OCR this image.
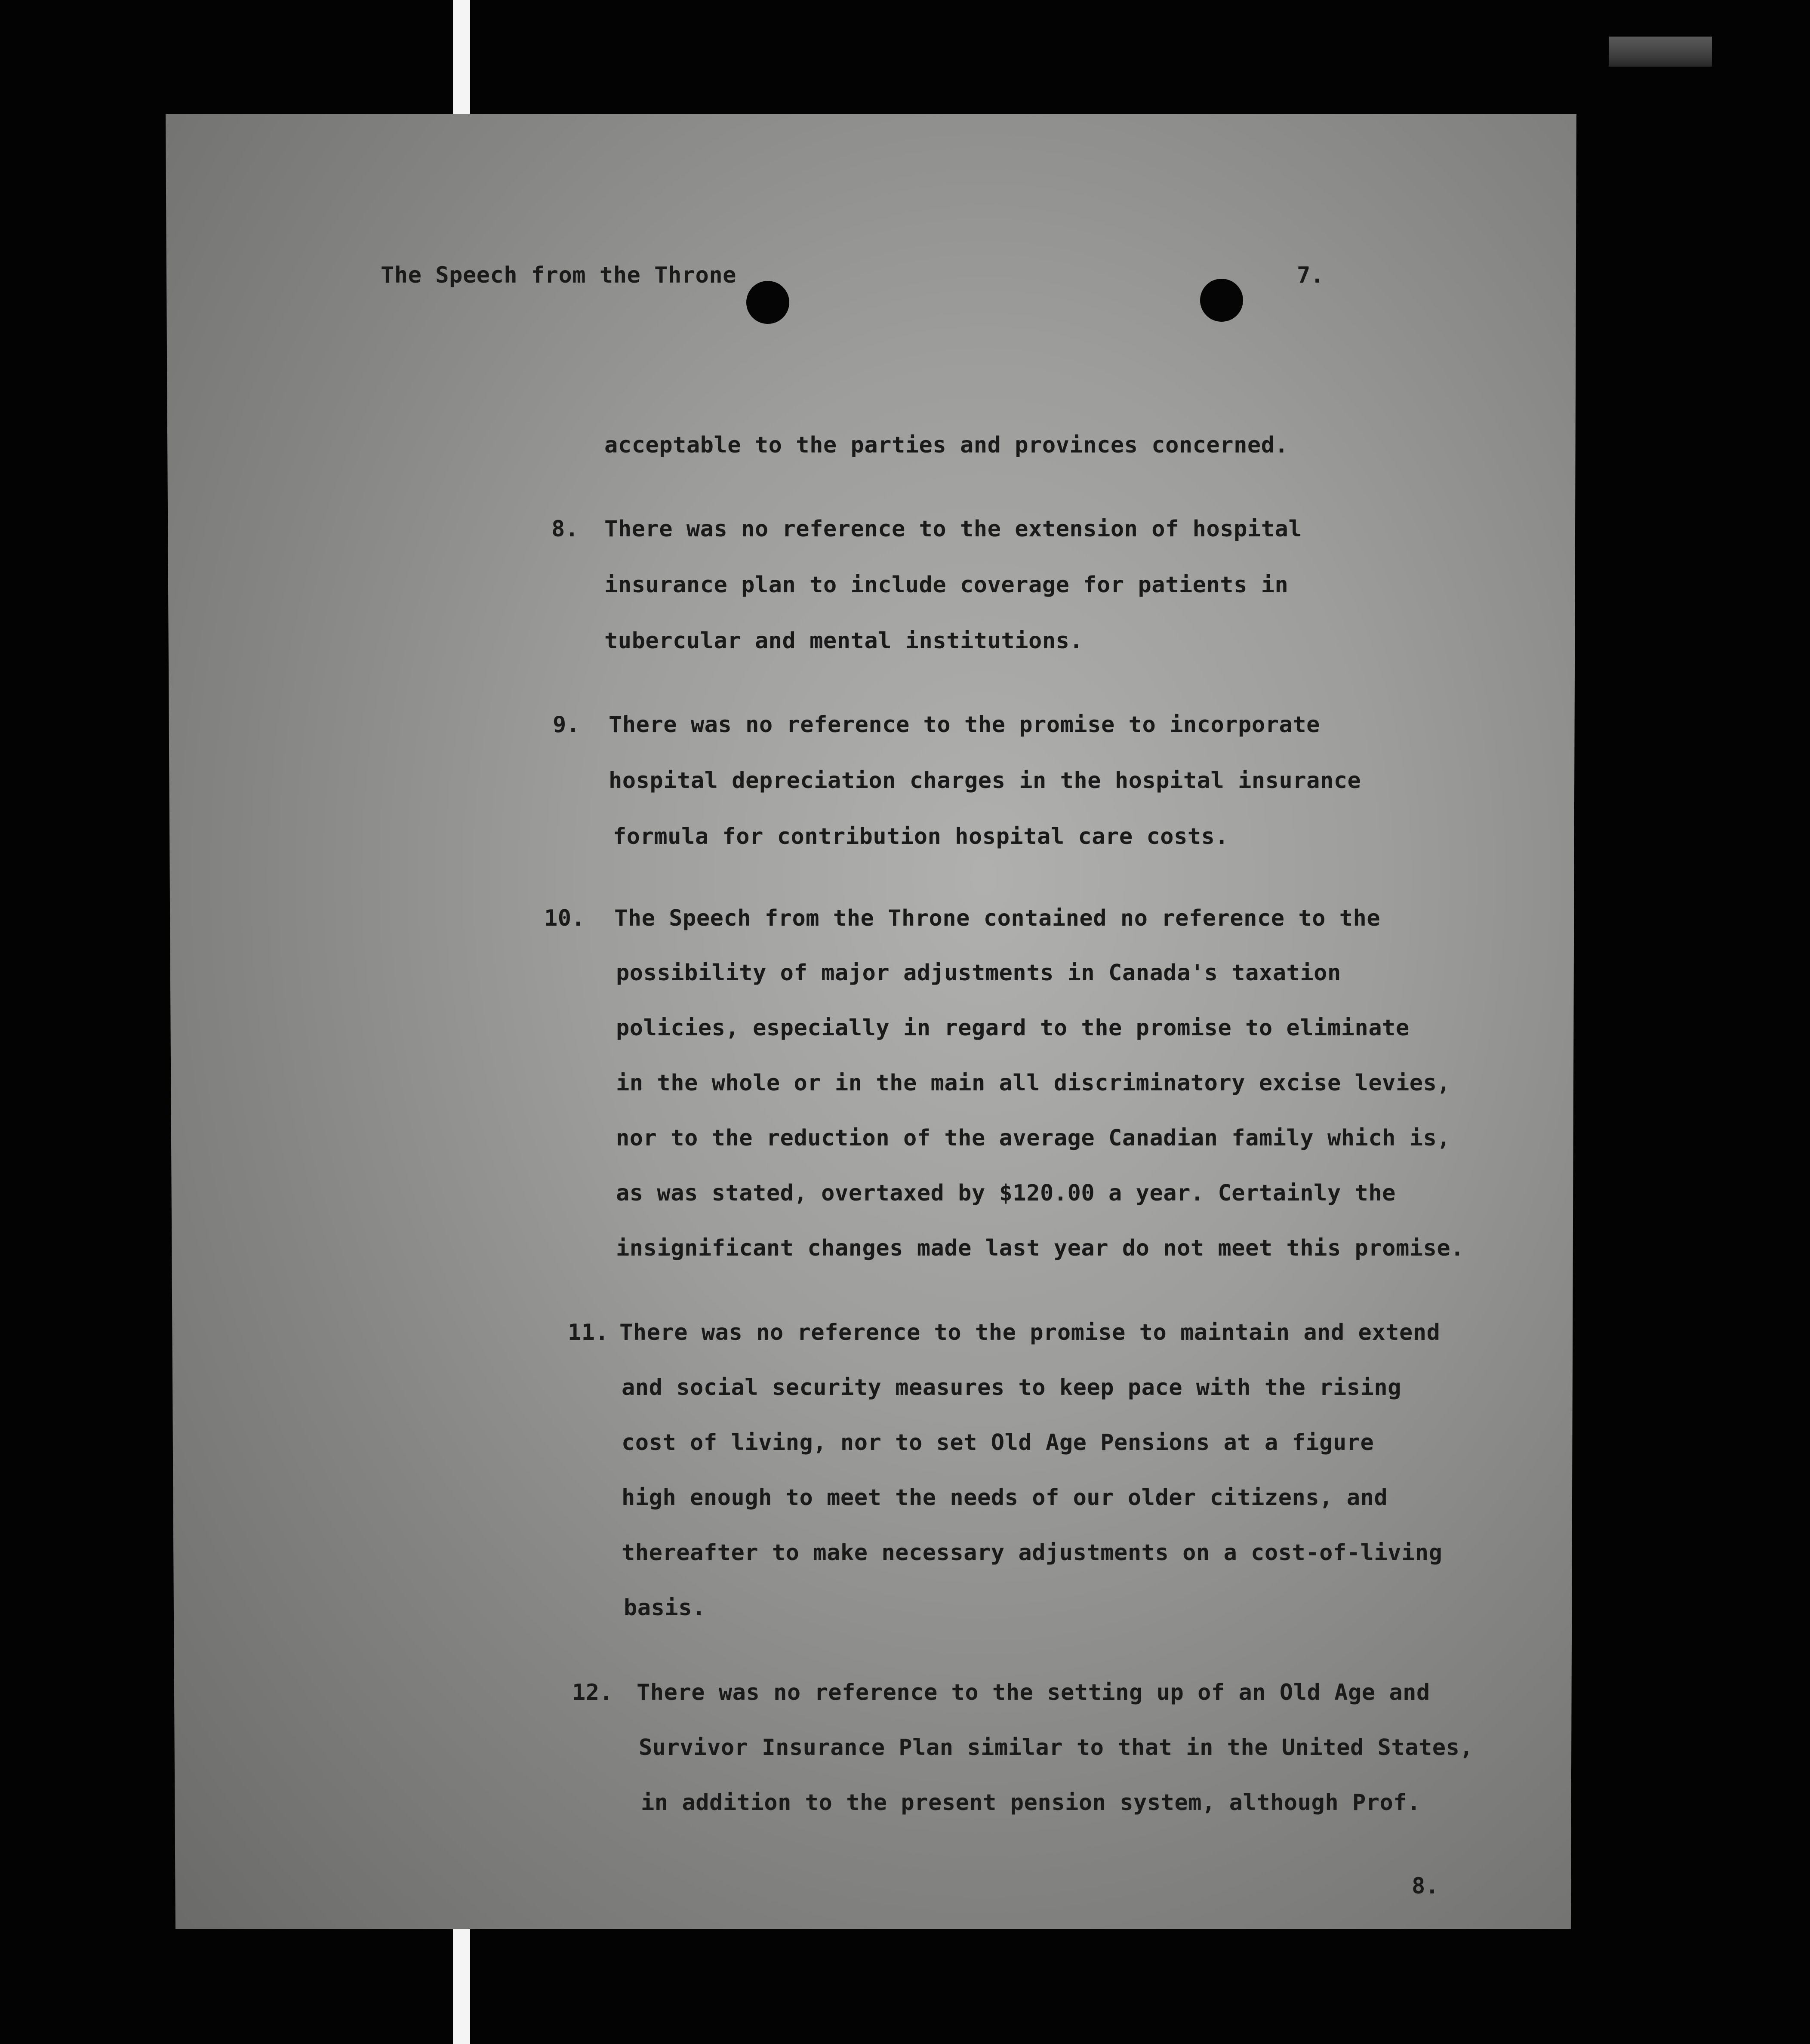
The Speech from the Throne	7.
acceptable to the parties and provinces concerned.
8. There was no reference to the extension of hospital
insurance plan to include coverage for patients in
tubercular and mental institutions.
9. There was no reference to the promise to incorporate
hospital depreciation charges in the hospital insurance
formula for contribution hospital care costs.
10. The Speech from the Throne contained no reference to the
possibility of major adjustments in Canada's taxation
policies, especially in regard to the promise to eliminate
in the whole or in the main all discriminatory excise levies,
nor to the reduction of the average Canadian family which is,
as was stated, overtaxed by $120.00 a year. Certainly the
insignificant changes made last year do not meet this promise.
11. There was no reference to the promise to maintain and extend
and social security measures to keep pace with the rising
cost of living, nor to set Old Age Pensions at a figure
high enough to meet the needs of our older citizens, and
thereafter to make necessary adjustments on a cost-of-living
basis.
12. There was no reference to the setting up of an Old Age and
Survivor Insurance Plan similar to that in the United States,
in addition to the present pension system, although Prof.
8.
